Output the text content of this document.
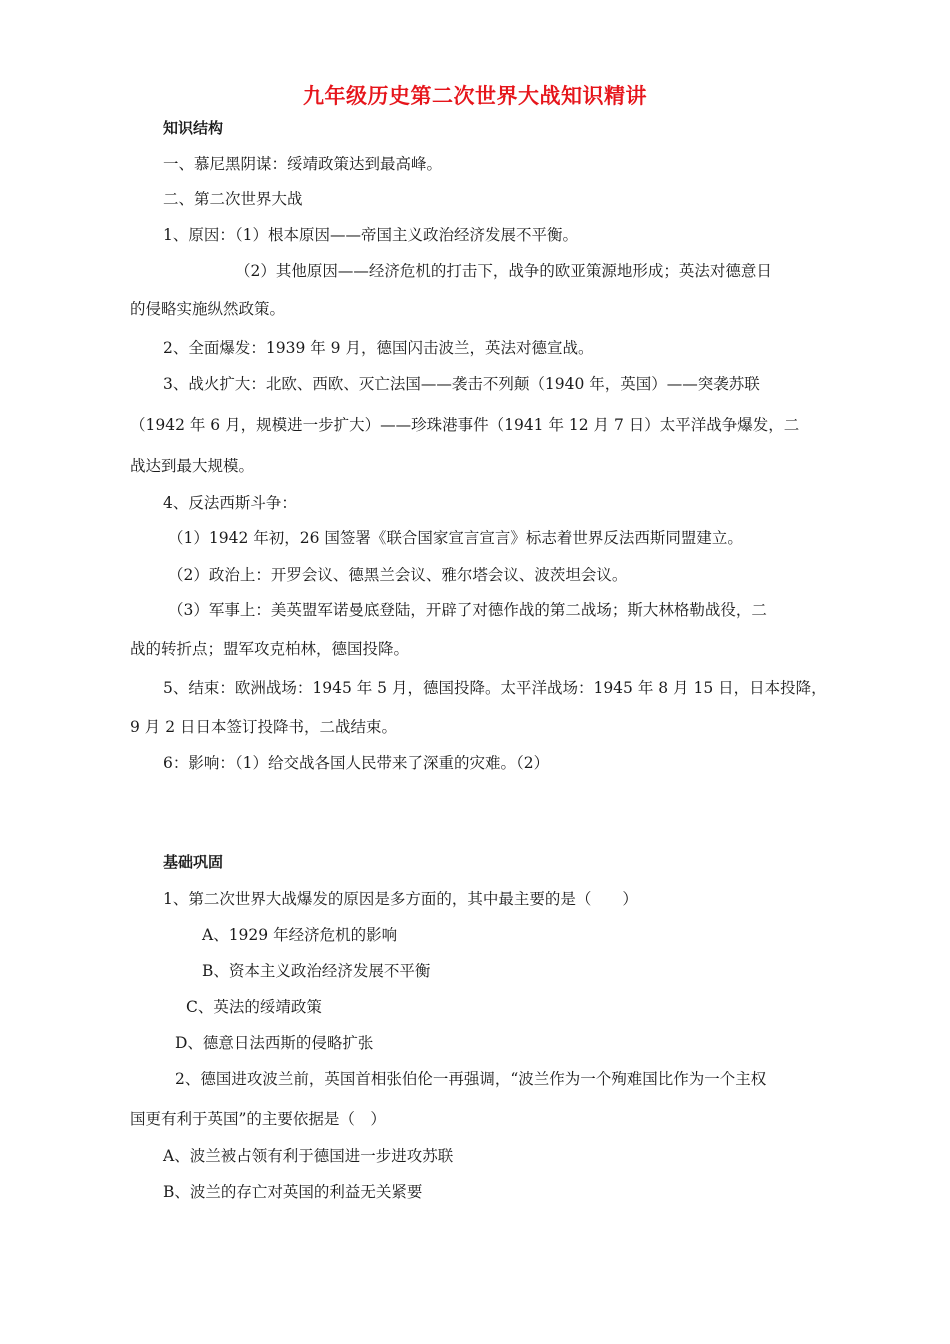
九年级历史第二次世界大战知识精讲
知识结构
一、慕尼黑阴谋：绥靖政策达到最高峰。
二、第二次世界大战
1、原因：（1）根本原因——帝国主义政治经济发展不平衡。
（2）其他原因——经济危机的打击下，战争的欧亚策源地形成；英法对德意日
的侵略实施纵然政策。
2、全面爆发：1939 年 9 月，德国闪击波兰，英法对德宣战。
3、战火扩大：北欧、西欧、灭亡法国——袭击不列颠（1940 年，英国）——突袭苏联
（1942 年 6 月，规模进一步扩大）——珍珠港事件（1941 年 12 月 7 日）太平洋战争爆发，二
战达到最大规模。
4、反法西斯斗争：
（1）1942 年初，26 国签署《联合国家宣言宣言》标志着世界反法西斯同盟建立。
（2）政治上：开罗会议、德黑兰会议、雅尔塔会议、波茨坦会议。
（3）军事上：美英盟军诺曼底登陆，开辟了对德作战的第二战场；斯大林格勒战役，二
战的转折点；盟军攻克柏林，德国投降。
5、结束：欧洲战场：1945 年 5 月，德国投降。太平洋战场：1945 年 8 月 15 日，日本投降，
9 月 2 日日本签订投降书，二战结束。
6：影响：（1）给交战各国人民带来了深重的灾难。（2）
基础巩固
1、第二次世界大战爆发的原因是多方面的，其中最主要的是（　　）
A、1929 年经济危机的影响
B、资本主义政治经济发展不平衡
C、英法的绥靖政策
D、德意日法西斯的侵略扩张
2、德国进攻波兰前，英国首相张伯伦一再强调，“波兰作为一个殉难国比作为一个主权
国更有利于英国”的主要依据是（　）
A、波兰被占领有利于德国进一步进攻苏联
B、波兰的存亡对英国的利益无关紧要
